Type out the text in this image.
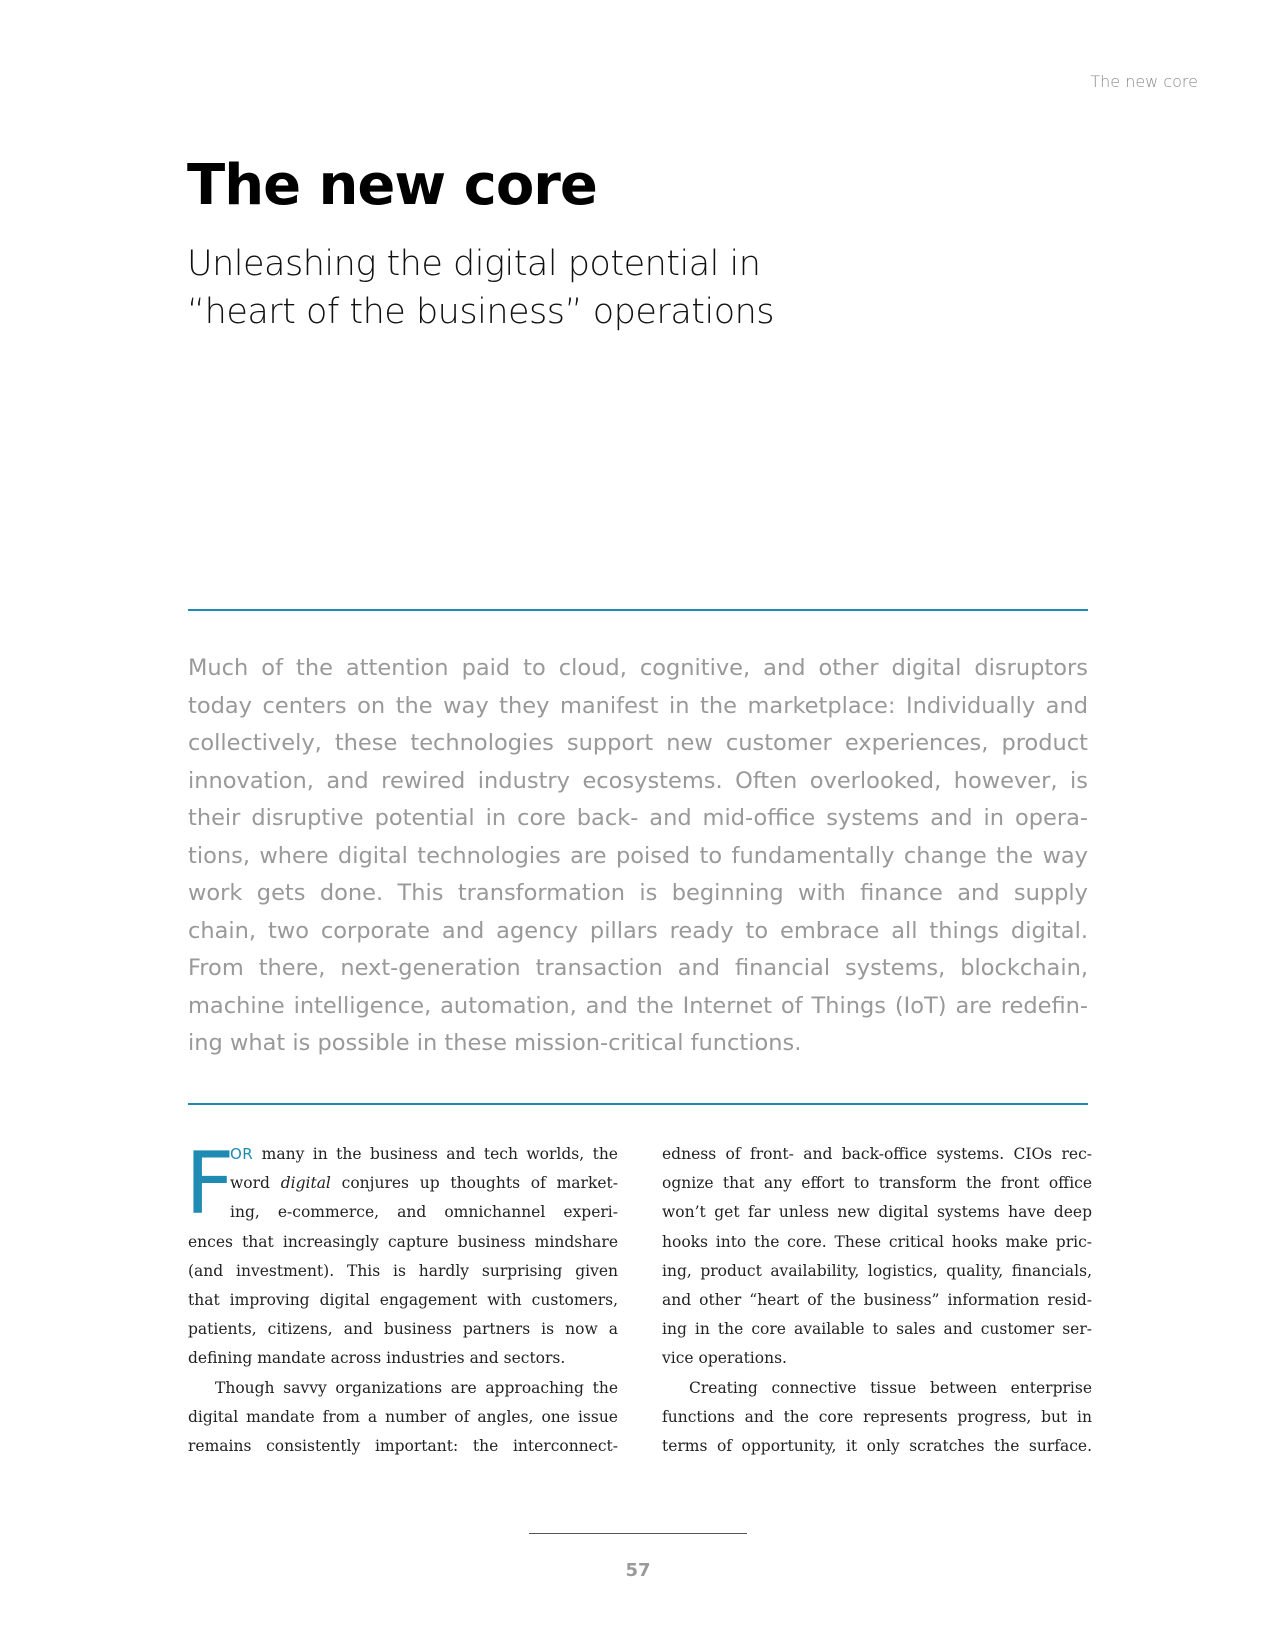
The new core
The new core
Unleashing the digital potential in
“heart of the business” operations

Much of the attention paid to cloud, cognitive, and other digital disruptors
today centers on the way they manifest in the marketplace: Individually and
collectively, these technologies support new customer experiences, product
innovation, and rewired industry ecosystems. Often overlooked, however, is
their disruptive potential in core back- and mid-office systems and in opera-
tions, where digital technologies are poised to fundamentally change the way
work gets done. This transformation is beginning with finance and supply
chain, two corporate and agency pillars ready to embrace all things digital.
From there, next-generation transaction and financial systems, blockchain,
machine intelligence, automation, and the Internet of Things (IoT) are redefin-
ing what is possible in these mission-critical functions.

F
OR many in the business and tech worlds, the
word digital conjures up thoughts of market-
ing, e-commerce, and omnichannel experi-
ences that increasingly capture business mindshare
(and investment). This is hardly surprising given
that improving digital engagement with customers,
patients, citizens, and business partners is now a
defining mandate across industries and sectors.
Though savvy organizations are approaching the
digital mandate from a number of angles, one issue
remains consistently important: the interconnect-
edness of front- and back-office systems. CIOs rec-
ognize that any effort to transform the front office
won’t get far unless new digital systems have deep
hooks into the core. These critical hooks make pric-
ing, product availability, logistics, quality, financials,
and other “heart of the business” information resid-
ing in the core available to sales and customer ser-
vice operations.
Creating connective tissue between enterprise
functions and the core represents progress, but in
terms of opportunity, it only scratches the surface.
57
